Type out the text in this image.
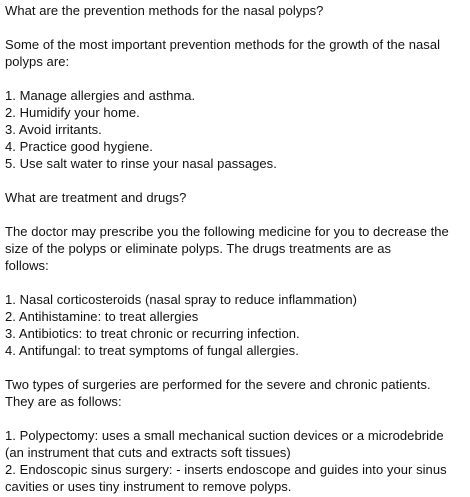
What are the prevention methods for the nasal polyps?
Some of the most important prevention methods for the growth of the nasal
polyps are:
1. Manage allergies and asthma.
2. Humidify your home.
3. Avoid irritants.
4. Practice good hygiene.
5. Use salt water to rinse your nasal passages.
What are treatment and drugs?
The doctor may prescribe you the following medicine for you to decrease the
size of the polyps or eliminate polyps. The drugs treatments are as
follows:
1. Nasal corticosteroids (nasal spray to reduce inflammation)
2. Antihistamine: to treat allergies
3. Antibiotics: to treat chronic or recurring infection.
4. Antifungal: to treat symptoms of fungal allergies.
Two types of surgeries are performed for the severe and chronic patients.
They are as follows:
1. Polypectomy: uses a small mechanical suction devices or a microdebride
(an instrument that cuts and extracts soft tissues)
2. Endoscopic sinus surgery: - inserts endoscope and guides into your sinus
cavities or uses tiny instrument to remove polyps.
